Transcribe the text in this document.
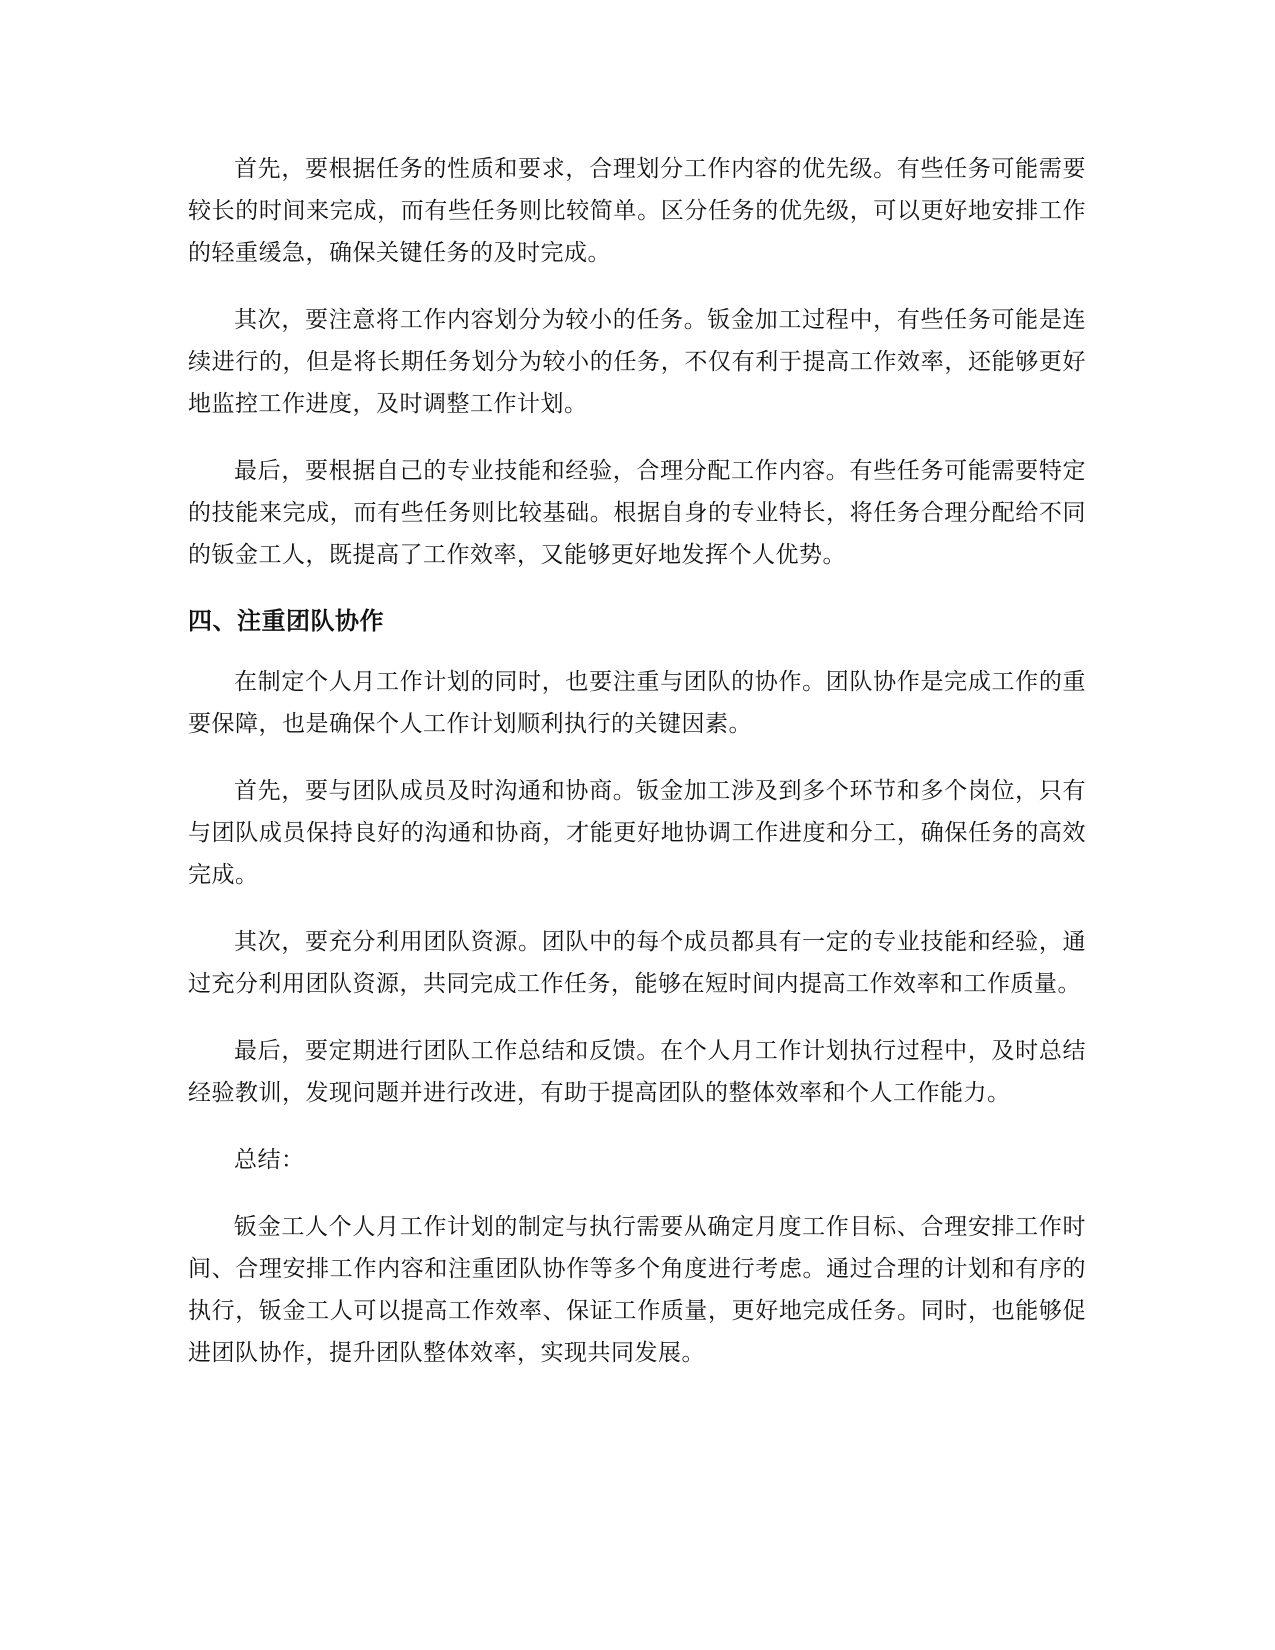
首先，要根据任务的性质和要求，合理划分工作内容的优先级。有些任务可能需要较长的时间来完成，而有些任务则比较简单。区分任务的优先级，可以更好地安排工作的轻重缓急，确保关键任务的及时完成。

其次，要注意将工作内容划分为较小的任务。钣金加工过程中，有些任务可能是连续进行的，但是将长期任务划分为较小的任务，不仅有利于提高工作效率，还能够更好地监控工作进度，及时调整工作计划。

最后，要根据自己的专业技能和经验，合理分配工作内容。有些任务可能需要特定的技能来完成，而有些任务则比较基础。根据自身的专业特长，将任务合理分配给不同的钣金工人，既提高了工作效率，又能够更好地发挥个人优势。

四、注重团队协作

在制定个人月工作计划的同时，也要注重与团队的协作。团队协作是完成工作的重要保障，也是确保个人工作计划顺利执行的关键因素。

首先，要与团队成员及时沟通和协商。钣金加工涉及到多个环节和多个岗位，只有与团队成员保持良好的沟通和协商，才能更好地协调工作进度和分工，确保任务的高效完成。

其次，要充分利用团队资源。团队中的每个成员都具有一定的专业技能和经验，通过充分利用团队资源，共同完成工作任务，能够在短时间内提高工作效率和工作质量。

最后，要定期进行团队工作总结和反馈。在个人月工作计划执行过程中，及时总结经验教训，发现问题并进行改进，有助于提高团队的整体效率和个人工作能力。

总结：

钣金工人个人月工作计划的制定与执行需要从确定月度工作目标、合理安排工作时间、合理安排工作内容和注重团队协作等多个角度进行考虑。通过合理的计划和有序的执行，钣金工人可以提高工作效率、保证工作质量，更好地完成任务。同时，也能够促进团队协作，提升团队整体效率，实现共同发展。
